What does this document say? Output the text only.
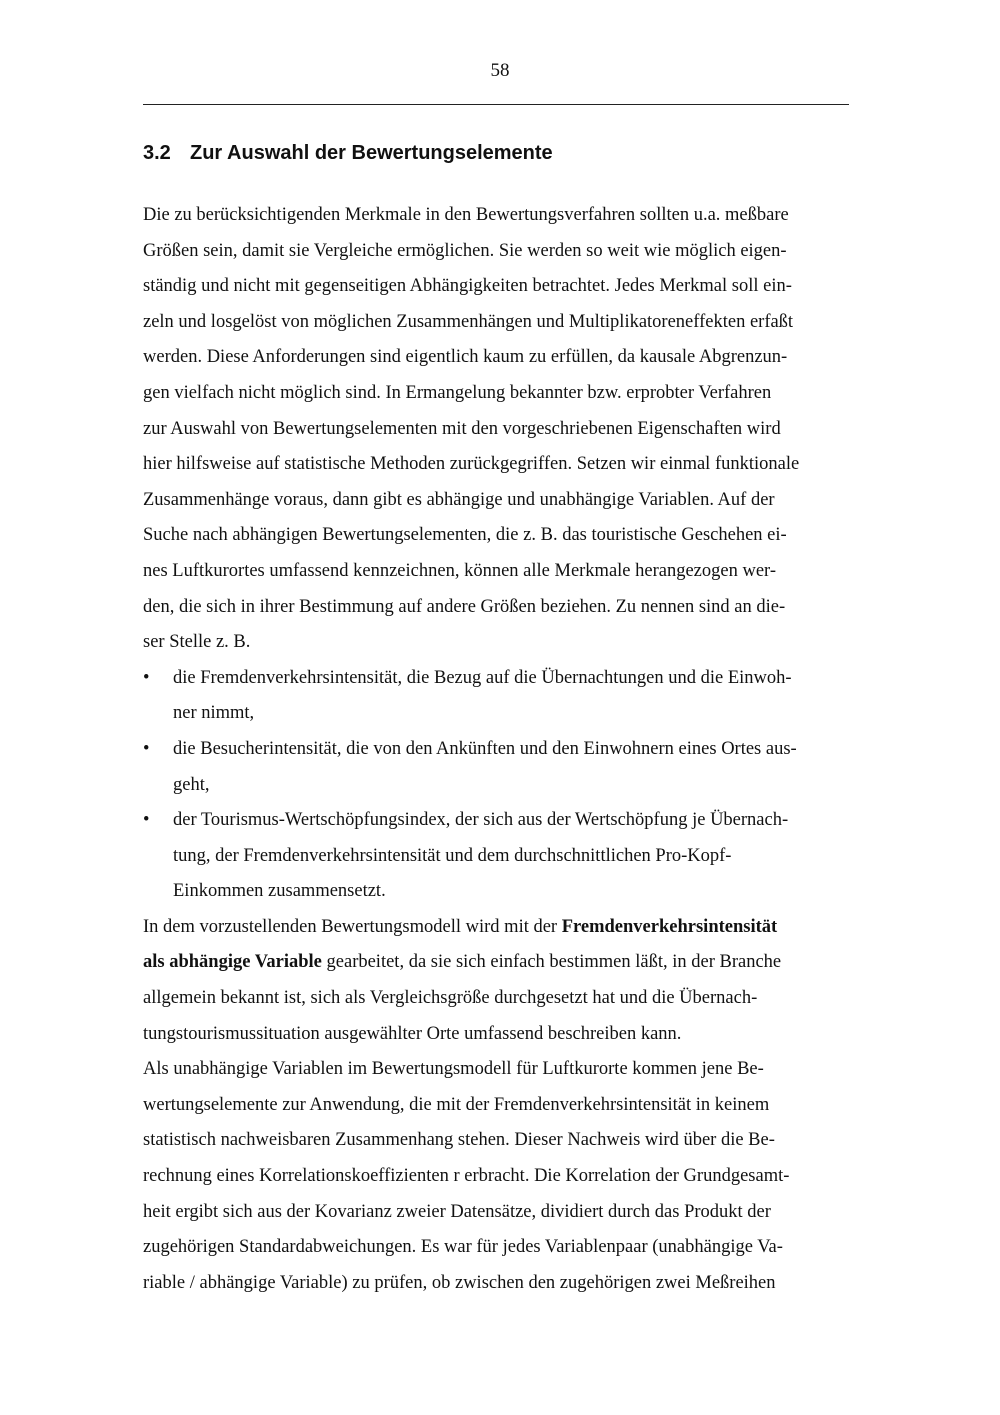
58
3.2 Zur Auswahl der Bewertungselemente
Die zu berücksichtigenden Merkmale in den Bewertungsverfahren sollten u.a. meßbare
Größen sein, damit sie Vergleiche ermöglichen. Sie werden so weit wie möglich eigen-
ständig und nicht mit gegenseitigen Abhängigkeiten betrachtet. Jedes Merkmal soll ein-
zeln und losgelöst von möglichen Zusammenhängen und Multiplikatoreneffekten erfaßt
werden. Diese Anforderungen sind eigentlich kaum zu erfüllen, da kausale Abgrenzun-
gen vielfach nicht möglich sind. In Ermangelung bekannter bzw. erprobter Verfahren
zur Auswahl von Bewertungselementen mit den vorgeschriebenen Eigenschaften wird
hier hilfsweise auf statistische Methoden zurückgegriffen. Setzen wir einmal funktionale
Zusammenhänge voraus, dann gibt es abhängige und unabhängige Variablen. Auf der
Suche nach abhängigen Bewertungselementen, die z. B. das touristische Geschehen ei-
nes Luftkurortes umfassend kennzeichnen, können alle Merkmale herangezogen wer-
den, die sich in ihrer Bestimmung auf andere Größen beziehen. Zu nennen sind an die-
ser Stelle z. B.
• die Fremdenverkehrsintensität, die Bezug auf die Übernachtungen und die Einwoh-
ner nimmt,
• die Besucherintensität, die von den Ankünften und den Einwohnern eines Ortes aus-
geht,
• der Tourismus-Wertschöpfungsindex, der sich aus der Wertschöpfung je Übernach-
tung, der Fremdenverkehrsintensität und dem durchschnittlichen Pro-Kopf-
Einkommen zusammensetzt.
In dem vorzustellenden Bewertungsmodell wird mit der Fremdenverkehrsintensität
als abhängige Variable gearbeitet, da sie sich einfach bestimmen läßt, in der Branche
allgemein bekannt ist, sich als Vergleichsgröße durchgesetzt hat und die Übernach-
tungstourismussituation ausgewählter Orte umfassend beschreiben kann.
Als unabhängige Variablen im Bewertungsmodell für Luftkurorte kommen jene Be-
wertungselemente zur Anwendung, die mit der Fremdenverkehrsintensität in keinem
statistisch nachweisbaren Zusammenhang stehen. Dieser Nachweis wird über die Be-
rechnung eines Korrelationskoeffizienten r erbracht. Die Korrelation der Grundgesamt-
heit ergibt sich aus der Kovarianz zweier Datensätze, dividiert durch das Produkt der
zugehörigen Standardabweichungen. Es war für jedes Variablenpaar (unabhängige Va-
riable / abhängige Variable) zu prüfen, ob zwischen den zugehörigen zwei Meßreihen
